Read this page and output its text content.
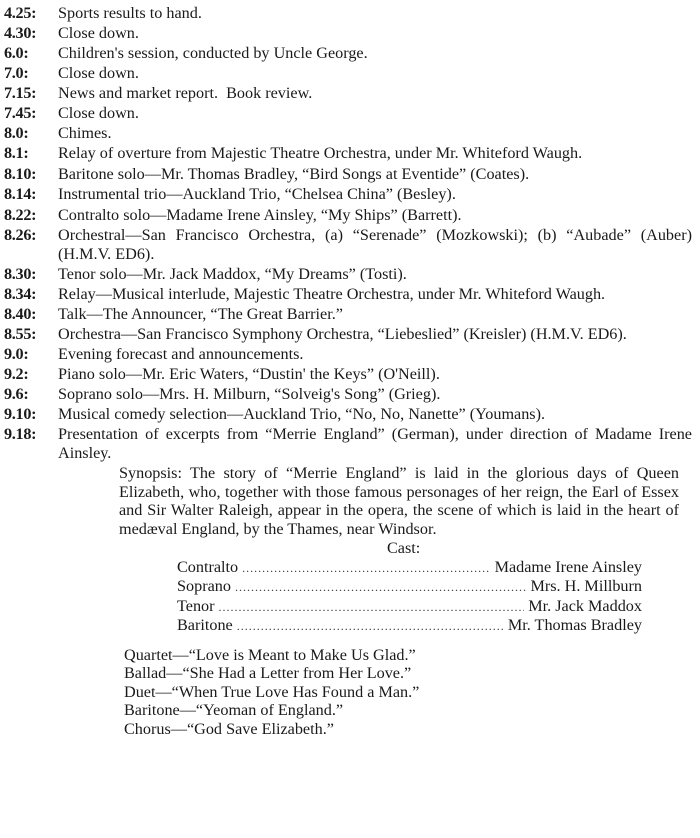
4.25:	Sports results to hand.
4.30:	Close down.
6.0:	Children's session, conducted by Uncle George.
7.0:	Close down.
7.15:	News and market report.  Book review.
7.45:	Close down.
8.0:	Chimes.
8.1:	Relay of overture from Majestic Theatre Orchestra, under Mr. Whiteford Waugh.
8.10:	Baritone solo—Mr. Thomas Bradley, “Bird Songs at Eventide” (Coates).
8.14:	Instrumental trio—Auckland Trio, “Chelsea China” (Besley).
8.22:	Contralto solo—Madame Irene Ainsley, “My Ships” (Barrett).
8.26:	Orchestral—San Francisco Orchestra, (a) “Serenade” (Mozkowski); (b) “Aubade” (Auber) (H.M.V. ED6).
8.30:	Tenor solo—Mr. Jack Maddox, “My Dreams” (Tosti).
8.34:	Relay—Musical interlude, Majestic Theatre Orchestra, under Mr. Whiteford Waugh.
8.40:	Talk—The Announcer, “The Great Barrier.”
8.55:	Orchestra—San Francisco Symphony Orchestra, “Liebeslied” (Kreisler) (H.M.V. ED6).
9.0:	Evening forecast and announcements.
9.2:	Piano solo—Mr. Eric Waters, “Dustin' the Keys” (O'Neill).
9.6:	Soprano solo—Mrs. H. Milburn, “Solveig's Song” (Grieg).
9.10:	Musical comedy selection—Auckland Trio, “No, No, Nanette” (Youmans).
9.18:	Presentation of excerpts from “Merrie England” (German), under direction of Madame Irene Ainsley.
Synopsis: The story of “Merrie England” is laid in the glorious days of Queen Elizabeth, who, together with those famous personages of her reign, the Earl of Essex and Sir Walter Raleigh, appear in the opera, the scene of which is laid in the heart of medæval England, by the Thames, near Windsor.
Cast:
Contralto .....	Madame Irene Ainsley
Soprano .....	Mrs. H. Millburn
Tenor .....	Mr. Jack Maddox
Baritone .....	Mr. Thomas Bradley
Quartet—“Love is Meant to Make Us Glad.”
Ballad—“She Had a Letter from Her Love.”
Duet—“When True Love Has Found a Man.”
Baritone—“Yeoman of England.”
Chorus—“God Save Elizabeth.”
